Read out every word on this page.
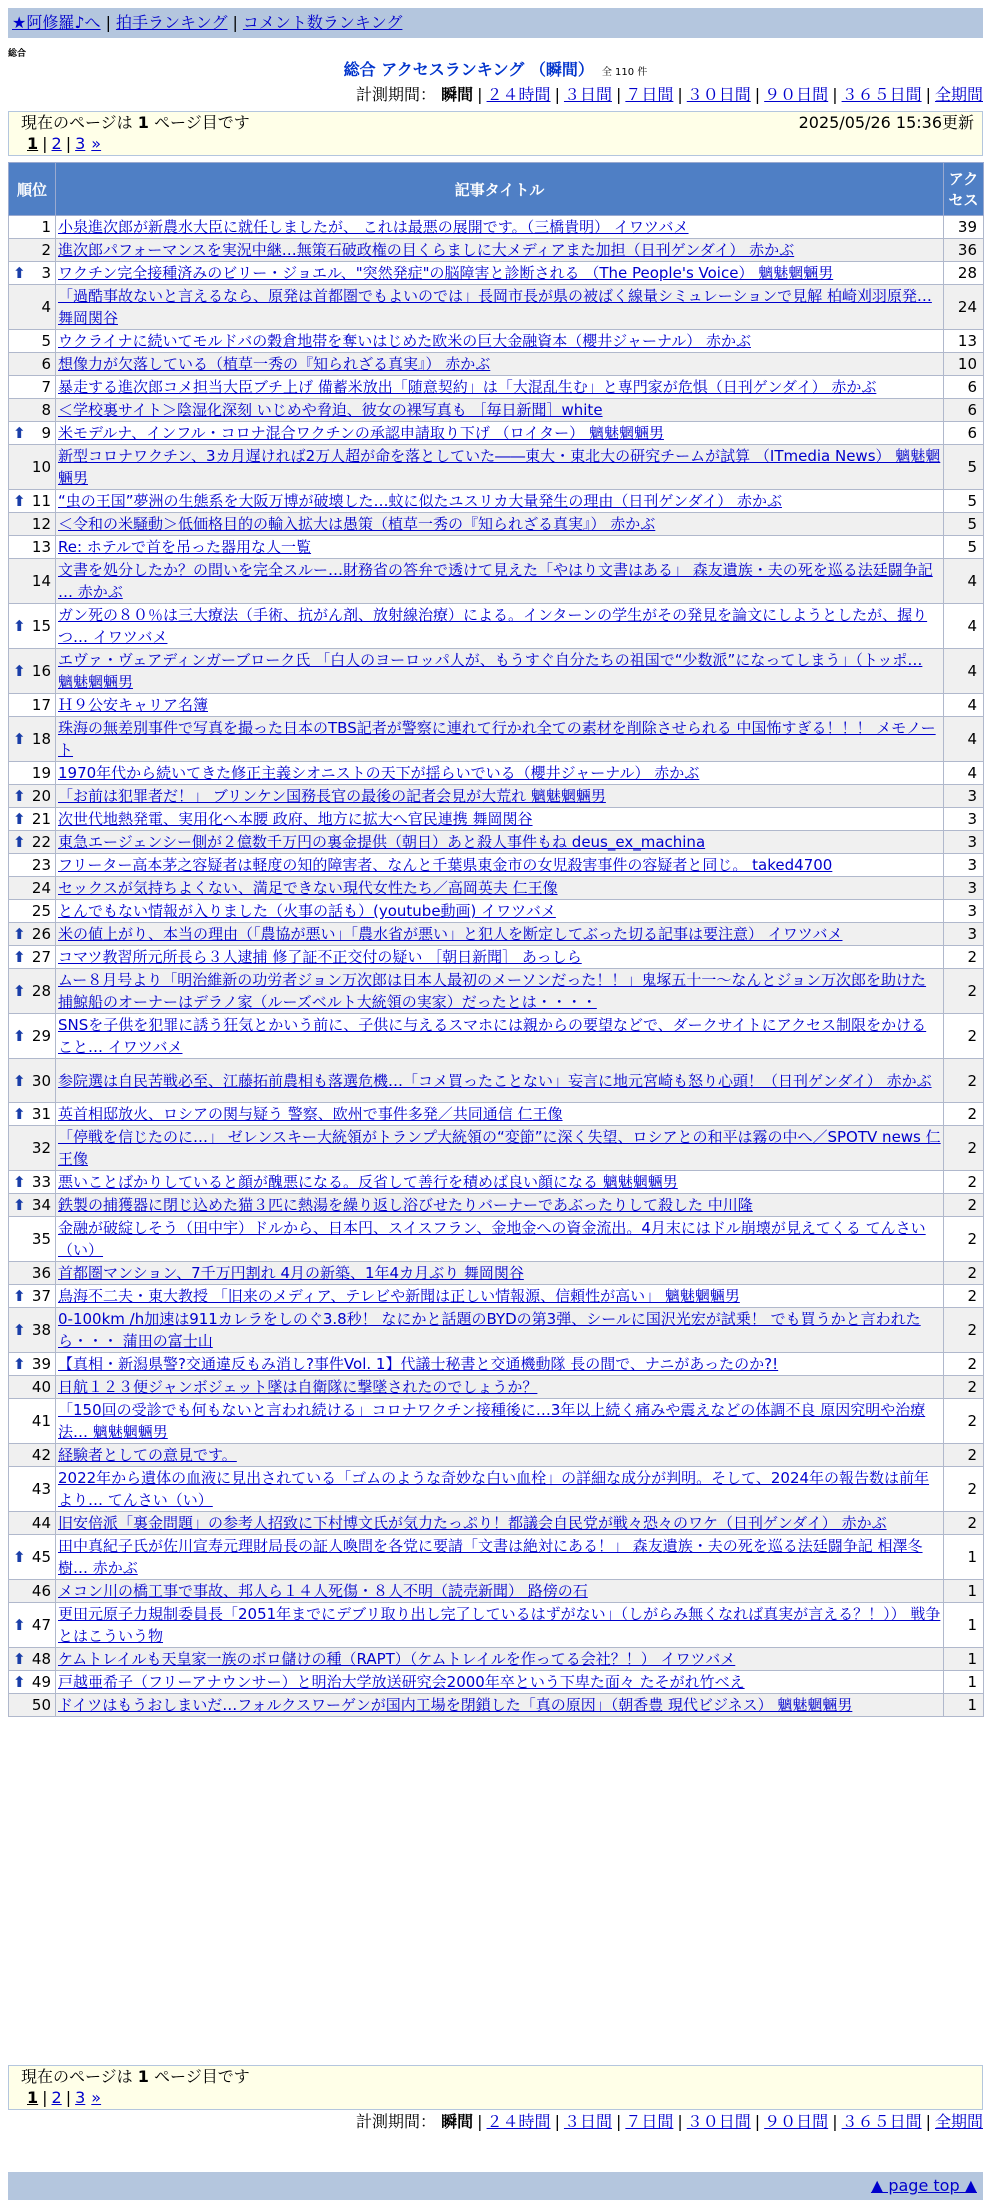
★阿修羅♪へ | 拍手ランキング | コメント数ランキング
総合
総合 アクセスランキング （瞬間） 全 110 件
計測期間： 瞬間 | ２４時間 | ３日間 | ７日間 | ３０日間 | ９０日間 | ３６５日間 | 全期間
現在のページは 1 ページ目です	2025/05/26 15:36更新
1 | 2 | 3 »
順位	記事タイトル	アクセス
1	小泉進次郎が新農水大臣に就任しましたが、 これは最悪の展開です。（三橋貴明） イワツバメ	39
2	進次郎パフォーマンスを実況中継…無策石破政権の目くらましに大メディアまた加担（日刊ゲンダイ） 赤かぶ	36

⬆ 3	ワクチン完全接種済みのビリー・ジョエル、"突然発症"の脳障害と診断される （The People's Voice） 魑魅魍魎男	28
4	「過酷事故ないと言えるなら、原発は首都圏でもよいのでは」長岡市長が県の被ばく線量シミュレーションで見解 柏崎刈羽原発… 舞岡関谷	24
5	ウクライナに続いてモルドバの穀倉地帯を奪いはじめた欧米の巨大金融資本（櫻井ジャーナル） 赤かぶ	13
6	想像力が欠落している（植草一秀の『知られざる真実』） 赤かぶ	10
7	暴走する進次郎コメ担当大臣ブチ上げ 備蓄米放出「随意契約」は「大混乱生む」と専門家が危惧（日刊ゲンダイ） 赤かぶ	6
8	＜学校裏サイト＞陰湿化深刻 いじめや脅迫、彼女の裸写真も ［毎日新聞］white	6

⬆ 9	米モデルナ、インフル・コロナ混合ワクチンの承認申請取り下げ （ロイター） 魑魅魍魎男	6
10	新型コロナワクチン、3カ月遅ければ2万人超が命を落としていた――東大・東北大の研究チームが試算 （ITmedia News） 魑魅魍魎男	5

⬆ 11	“虫の王国”夢洲の生態系を大阪万博が破壊した…蚊に似たユスリカ大量発生の理由（日刊ゲンダイ） 赤かぶ	5
12	＜令和の米騒動＞低価格目的の輸入拡大は愚策（植草一秀の『知られざる真実』） 赤かぶ	5
13	Re: ホテルで首を吊った器用な人一覧	5
14	文書を処分したか？の問いを完全スルー…財務省の答弁で透けて見えた「やはり文書はある」 森友遺族・夫の死を巡る法廷闘争記 … 赤かぶ	4

⬆ 15	ガン死の８０％は三大療法（手術、抗がん剤、放射線治療）による。インターンの学生がその発見を論文にしようとしたが、握りつ… イワツバメ	4

⬆ 16	エヴァ・ヴェアディンガーブローク氏 「白人のヨーロッパ人が、もうすぐ自分たちの祖国で“少数派”になってしまう」（トッポ… 魑魅魍魎男	4
17	Ｈ９公安キャリア名簿	4

⬆ 18	珠海の無差別事件で写真を撮った日本のTBS記者が警察に連れて行かれ全ての素材を削除させられる 中国怖すぎる！！！ メモノート	4
19	1970年代から続いてきた修正主義シオニストの天下が揺らいでいる（櫻井ジャーナル） 赤かぶ	4

⬆ 20	「お前は犯罪者だ！」 ブリンケン国務長官の最後の記者会見が大荒れ 魑魅魍魎男	3

⬆ 21	次世代地熱発電、実用化へ本腰 政府、地方に拡大へ官民連携 舞岡関谷	3

⬆ 22	東急エージェンシー側が２億数千万円の裏金提供（朝日）あと殺人事件もね deus_ex_machina	3
23	フリーター高本茅之容疑者は軽度の知的障害者、なんと千葉県東金市の女児殺害事件の容疑者と同じ。 taked4700	3
24	セックスが気持ちよくない、満足できない現代女性たち／高岡英夫 仁王像	3
25	とんでもない情報が入りました（火事の話も）(youtube動画) イワツバメ	3

⬆ 26	米の値上がり、本当の理由（「農協が悪い」「農水省が悪い」と犯人を断定してぶった切る記事は要注意） イワツバメ	3

⬆ 27	コマツ教習所元所長ら３人逮捕 修了証不正交付の疑い ［朝日新聞］ あっしら	2

⬆ 28	ムー８月号より「明治維新の功労者ジョン万次郎は日本人最初のメーソンだった！！」鬼塚五十一～なんとジョン万次郎を助けた捕鯨船のオーナーはデラノ家（ルーズベルト大統領の実家）だったとは・・・・	2

⬆ 29	SNSを子供を犯罪に誘う狂気とかいう前に、子供に与えるスマホには親からの要望などで、ダークサイトにアクセス制限をかけること… イワツバメ	2

⬆ 30	参院選は自民苦戦必至、江藤拓前農相も落選危機…「コメ買ったことない」妄言に地元宮崎も怒り心頭！（日刊ゲンダイ） 赤かぶ	2

⬆ 31	英首相邸放火、ロシアの関与疑う 警察、欧州で事件多発／共同通信 仁王像	2
32	「停戦を信じたのに…」 ゼレンスキー大統領がトランプ大統領の“変節”に深く失望、ロシアとの和平は霧の中へ／SPOTV news 仁王像	2

⬆ 33	悪いことばかりしていると顔が醜悪になる。反省して善行を積めば良い顔になる 魑魅魍魎男	2

⬆ 34	鉄製の捕獲器に閉じ込めた猫３匹に熱湯を繰り返し浴びせたりバーナーであぶったりして殺した 中川隆	2
35	金融が破綻しそう（田中宇）ドルから、日本円、スイスフラン、金地金への資金流出。4月末にはドル崩壊が見えてくる てんさい（い）	2
36	首都圏マンション、7千万円割れ 4月の新築、1年4カ月ぶり 舞岡関谷	2

⬆ 37	鳥海不二夫・東大教授 「旧来のメディア、テレビや新聞は正しい情報源、信頼性が高い」 魑魅魍魎男	2

⬆ 38	0-100km /h加速は911カレラをしのぐ3.8秒！ なにかと話題のBYDの第3弾、シールに国沢光宏が試乗！ でも買うかと言われたら・・・ 蒲田の富士山	2

⬆ 39	【真相・新潟県警?交通違反もみ消し?事件Vol. 1】代議士秘書と交通機動隊 長の間で、ナニがあったのか?!	2
40	日航１２３便ジャンボジェット墜は自衛隊に撃墜されたのでしょうか？	2
41	「150回の受診でも何もないと言われ続ける」コロナワクチン接種後に…3年以上続く痛みや震えなどの体調不良 原因究明や治療法… 魑魅魍魎男	2
42	経験者としての意見です。	2
43	2022年から遺体の血液に見出されている「ゴムのような奇妙な白い血栓」の詳細な成分が判明。そして、2024年の報告数は前年より… てんさい（い）	2
44	旧安倍派「裏金問題」の参考人招致に下村博文氏が気力たっぷり！都議会自民党が戦々恐々のワケ（日刊ゲンダイ） 赤かぶ	2

⬆ 45	田中真紀子氏が佐川宣寿元理財局長の証人喚問を各党に要請「文書は絶対にある！」 森友遺族・夫の死を巡る法廷闘争記 相澤冬樹… 赤かぶ	1
46	メコン川の橋工事で事故、邦人ら１４人死傷・８人不明（読売新聞） 路傍の石	1

⬆ 47	更田元原子力規制委員長「2051年までにデブリ取り出し完了しているはずがない」（しがらみ無くなれば真実が言える？！）） 戦争とはこういう物	1

⬆ 48	ケムトレイルも天皇家一族のボロ儲けの種（RAPT）（ケムトレイルを作ってる会社？！） イワツバメ	1

⬆ 49	戸越亜希子（フリーアナウンサー）と明治大学放送研究会2000年卒という下卑た面々 たそがれ竹べえ	1
50	ドイツはもうおしまいだ…フォルクスワーゲンが国内工場を閉鎖した「真の原因」（朝香豊 現代ビジネス） 魑魅魍魎男	1
現在のページは 1 ページ目です
1 | 2 | 3 »
計測期間： 瞬間 | ２４時間 | ３日間 | ７日間 | ３０日間 | ９０日間 | ３６５日間 | 全期間
▲ page top ▲
